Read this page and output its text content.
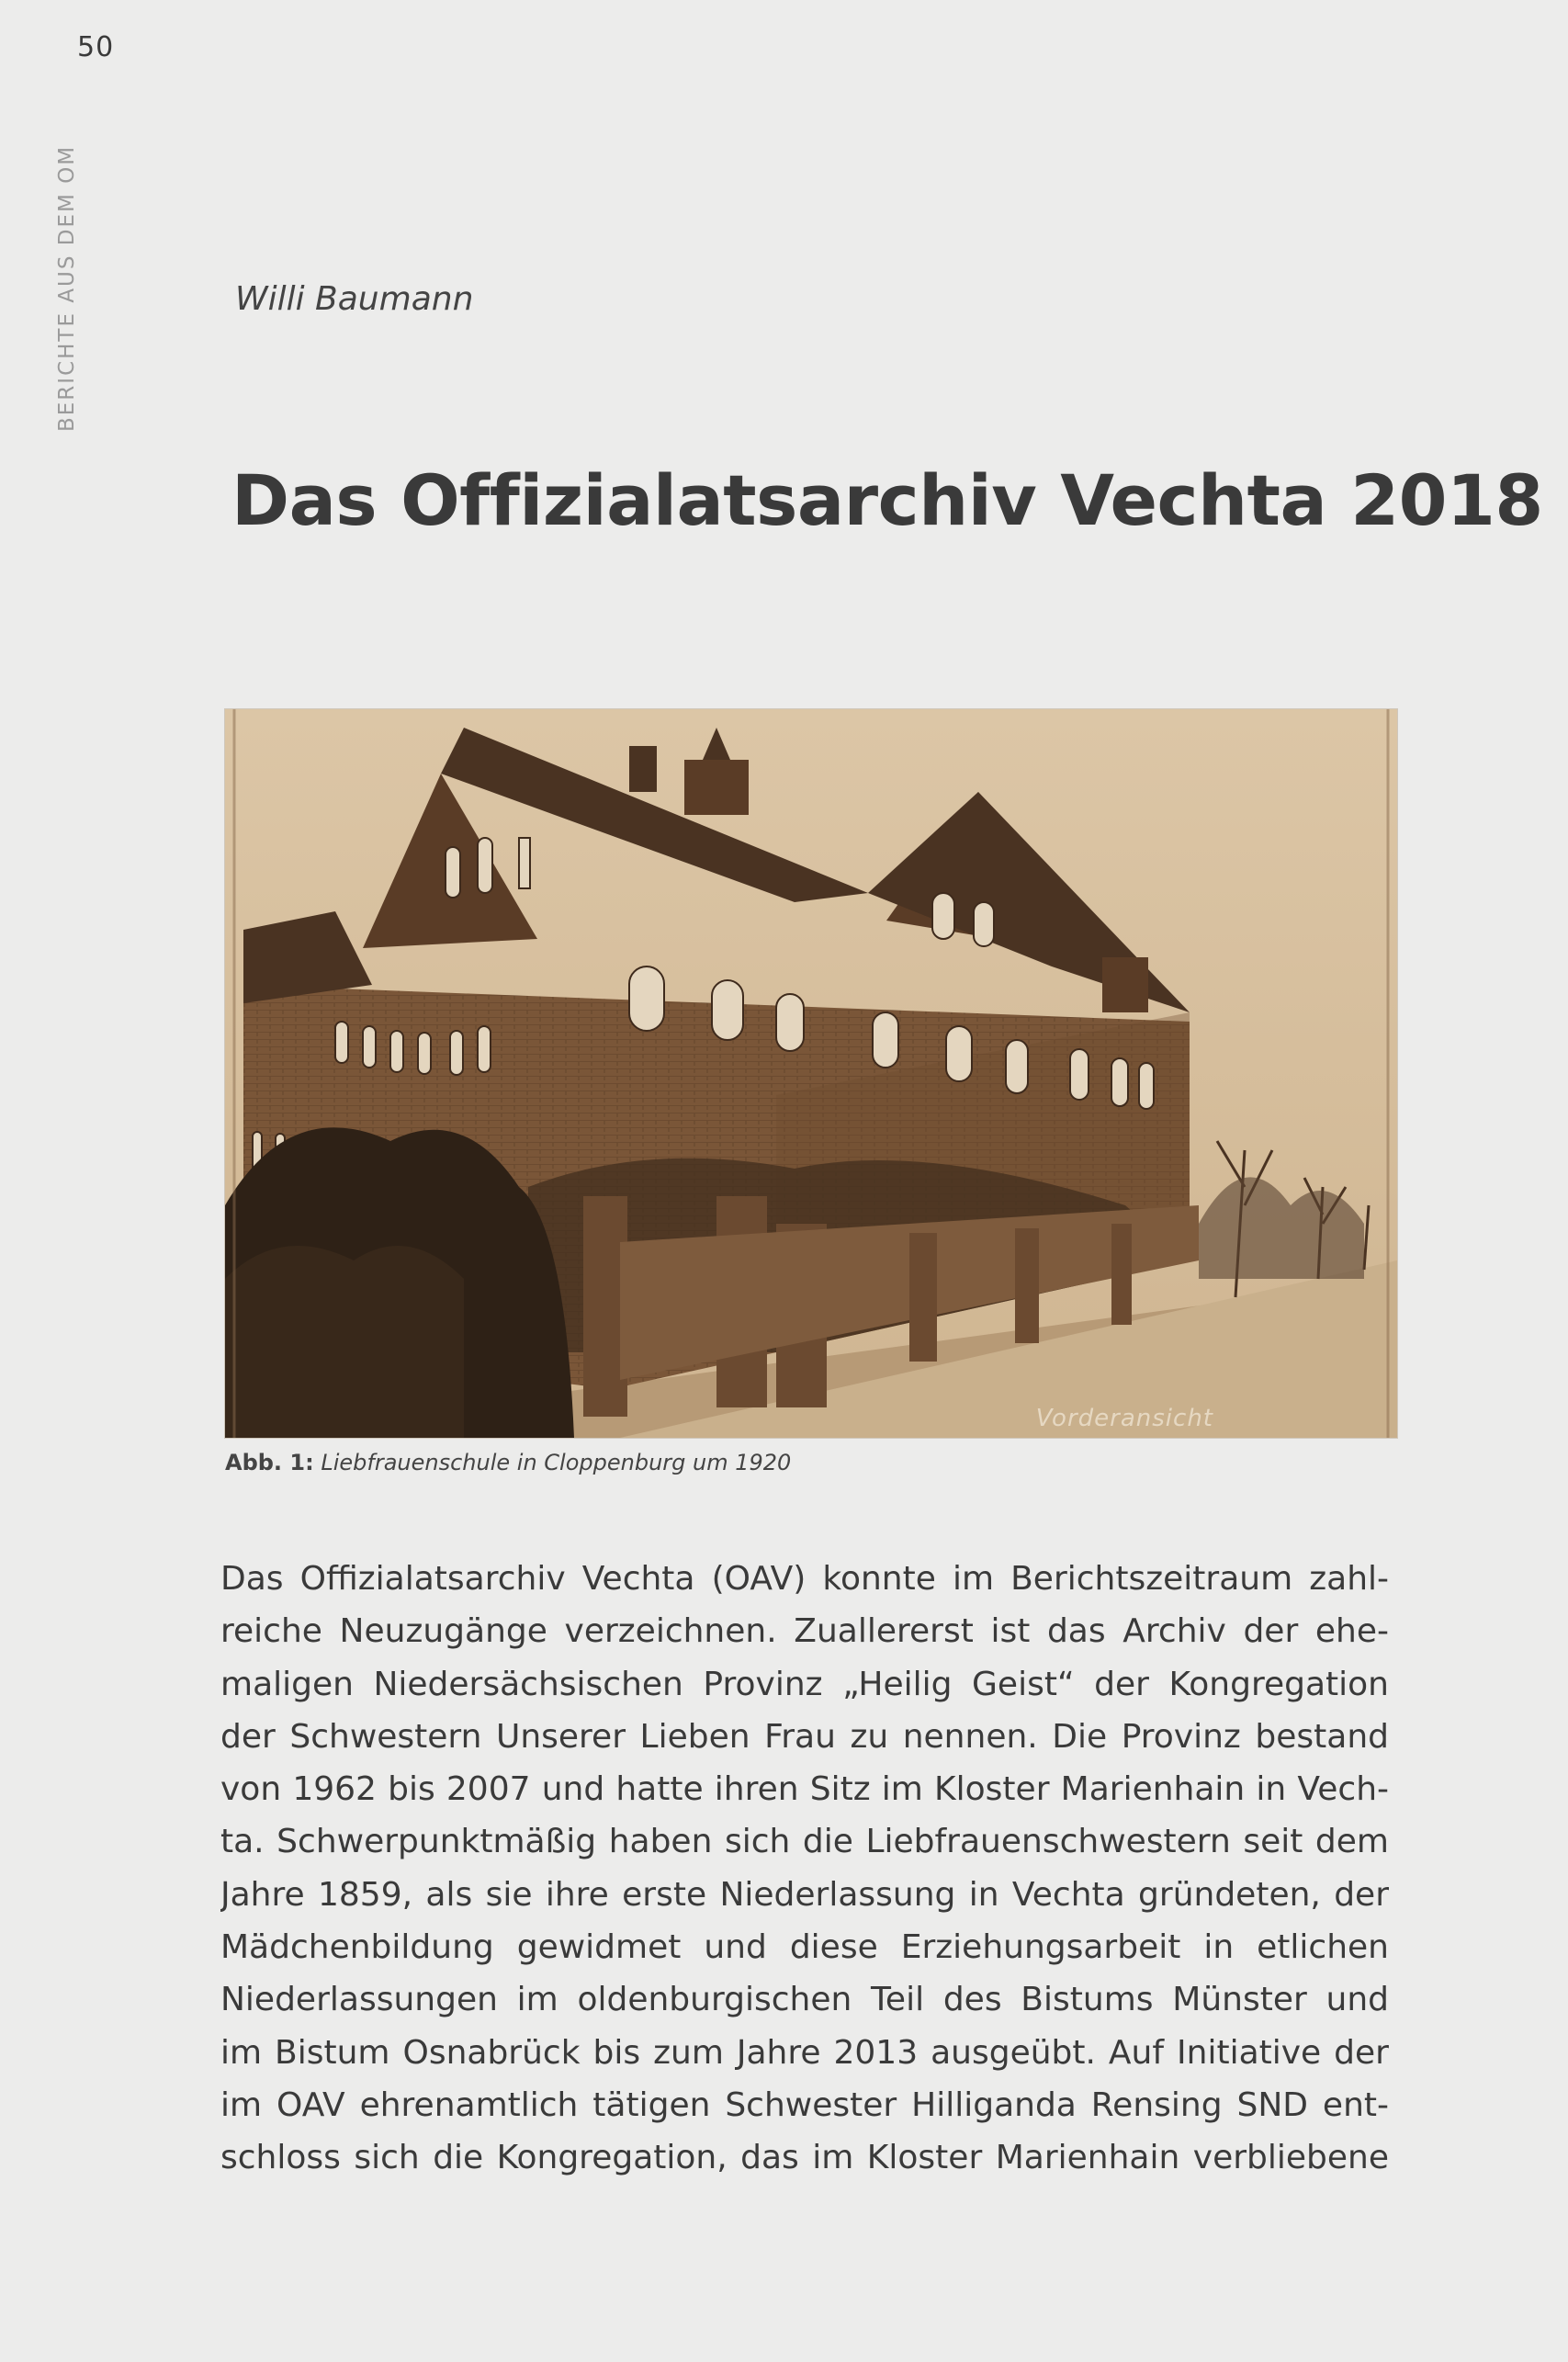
50
BERICHTE AUS DEM OM	Willi Baumann
Das Offizialatsarchiv Vechta 2018
Vorderansicht
Abb. 1: Liebfrauenschule in Cloppenburg um 1920
Das Offizialatsarchiv Vechta (OAV) konnte im Berichtszeitraum zahl-
reiche Neuzugänge verzeichnen. Zuallererst ist das Archiv der ehe-
maligen Niedersächsischen Provinz „Heilig Geist“ der Kongregation
der Schwestern Unserer Lieben Frau zu nennen. Die Provinz bestand
von 1962 bis 2007 und hatte ihren Sitz im Kloster Marienhain in Vech-
ta. Schwerpunktmäßig haben sich die Liebfrauenschwestern seit dem
Jahre 1859, als sie ihre erste Niederlassung in Vechta gründeten, der
Mädchenbildung gewidmet und diese Erziehungsarbeit in etlichen
Niederlassungen im oldenburgischen Teil des Bistums Münster und
im Bistum Osnabrück bis zum Jahre 2013 ausgeübt. Auf Initiative der
im OAV ehrenamtlich tätigen Schwester Hilliganda Rensing SND ent-
schloss sich die Kongregation, das im Kloster Marienhain verbliebene
